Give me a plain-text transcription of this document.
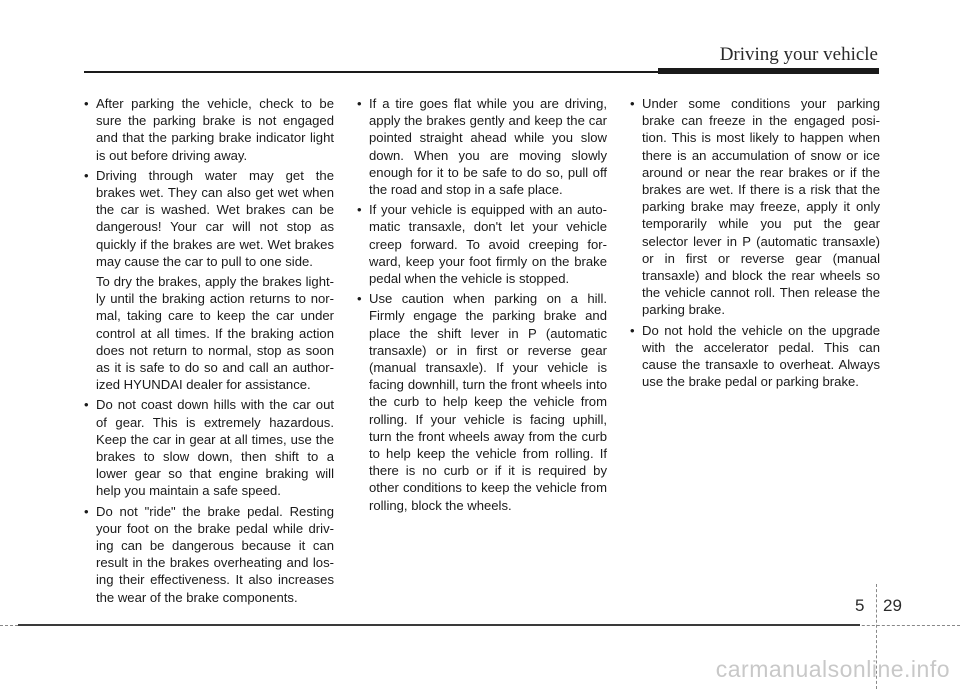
Driving your vehicle

• After parking the vehicle, check to be sure the parking brake is not engaged and that the parking brake indicator light is out before driving away.

• Driving through water may get the brakes wet. They can also get wet when the car is washed. Wet brakes can be dangerous! Your car will not stop as quickly if the brakes are wet. Wet brakes may cause the car to pull to one side.

To dry the brakes, apply the brakes lightly until the braking action returns to normal, taking care to keep the car under control at all times. If the braking action does not return to normal, stop as soon as it is safe to do so and call an authorized HYUNDAI dealer for assistance.

• Do not coast down hills with the car out of gear. This is extremely hazardous. Keep the car in gear at all times, use the brakes to slow down, then shift to a lower gear so that engine braking will help you maintain a safe speed.

• Do not "ride" the brake pedal. Resting your foot on the brake pedal while driving can be dangerous because it can result in the brakes overheating and losing their effectiveness. It also increases the wear of the brake components.

• If a tire goes flat while you are driving, apply the brakes gently and keep the car pointed straight ahead while you slow down. When you are moving slowly enough for it to be safe to do so, pull off the road and stop in a safe place.

• If your vehicle is equipped with an automatic transaxle, don't let your vehicle creep forward. To avoid creeping forward, keep your foot firmly on the brake pedal when the vehicle is stopped.

• Use caution when parking on a hill. Firmly engage the parking brake and place the shift lever in P (automatic transaxle) or in first or reverse gear (manual transaxle). If your vehicle is facing downhill, turn the front wheels into the curb to help keep the vehicle from rolling. If your vehicle is facing uphill, turn the front wheels away from the curb to help keep the vehicle from rolling. If there is no curb or if it is required by other conditions to keep the vehicle from rolling, block the wheels.

• Under some conditions your parking brake can freeze in the engaged position. This is most likely to happen when there is an accumulation of snow or ice around or near the rear brakes or if the brakes are wet. If there is a risk that the parking brake may freeze, apply it only temporarily while you put the gear selector lever in P (automatic transaxle) or in first or reverse gear (manual transaxle) and block the rear wheels so the vehicle cannot roll. Then release the parking brake.

• Do not hold the vehicle on the upgrade with the accelerator pedal. This can cause the transaxle to overheat. Always use the brake pedal or parking brake.

5 29
carmanualsonline.info
